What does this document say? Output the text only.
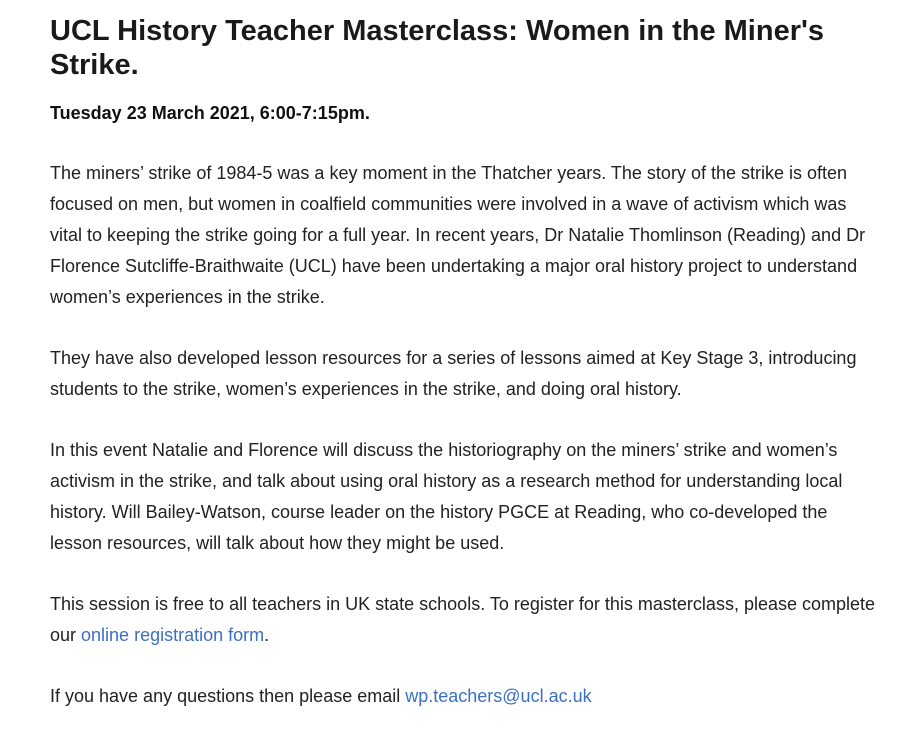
UCL History Teacher Masterclass: Women in the Miner's Strike.

Tuesday 23 March 2021, 6:00-7:15pm.

The miners’ strike of 1984-5 was a key moment in the Thatcher years. The story of the strike is often focused on men, but women in coalfield communities were involved in a wave of activism which was vital to keeping the strike going for a full year. In recent years, Dr Natalie Thomlinson (Reading) and Dr Florence Sutcliffe-Braithwaite (UCL) have been undertaking a major oral history project to understand women’s experiences in the strike.

They have also developed lesson resources for a series of lessons aimed at Key Stage 3, introducing students to the strike, women’s experiences in the strike, and doing oral history.

In this event Natalie and Florence will discuss the historiography on the miners’ strike and women’s activism in the strike, and talk about using oral history as a research method for understanding local history. Will Bailey-Watson, course leader on the history PGCE at Reading, who co-developed the lesson resources, will talk about how they might be used.

This session is free to all teachers in UK state schools. To register for this masterclass, please complete our online registration form.

If you have any questions then please email wp.teachers@ucl.ac.uk
